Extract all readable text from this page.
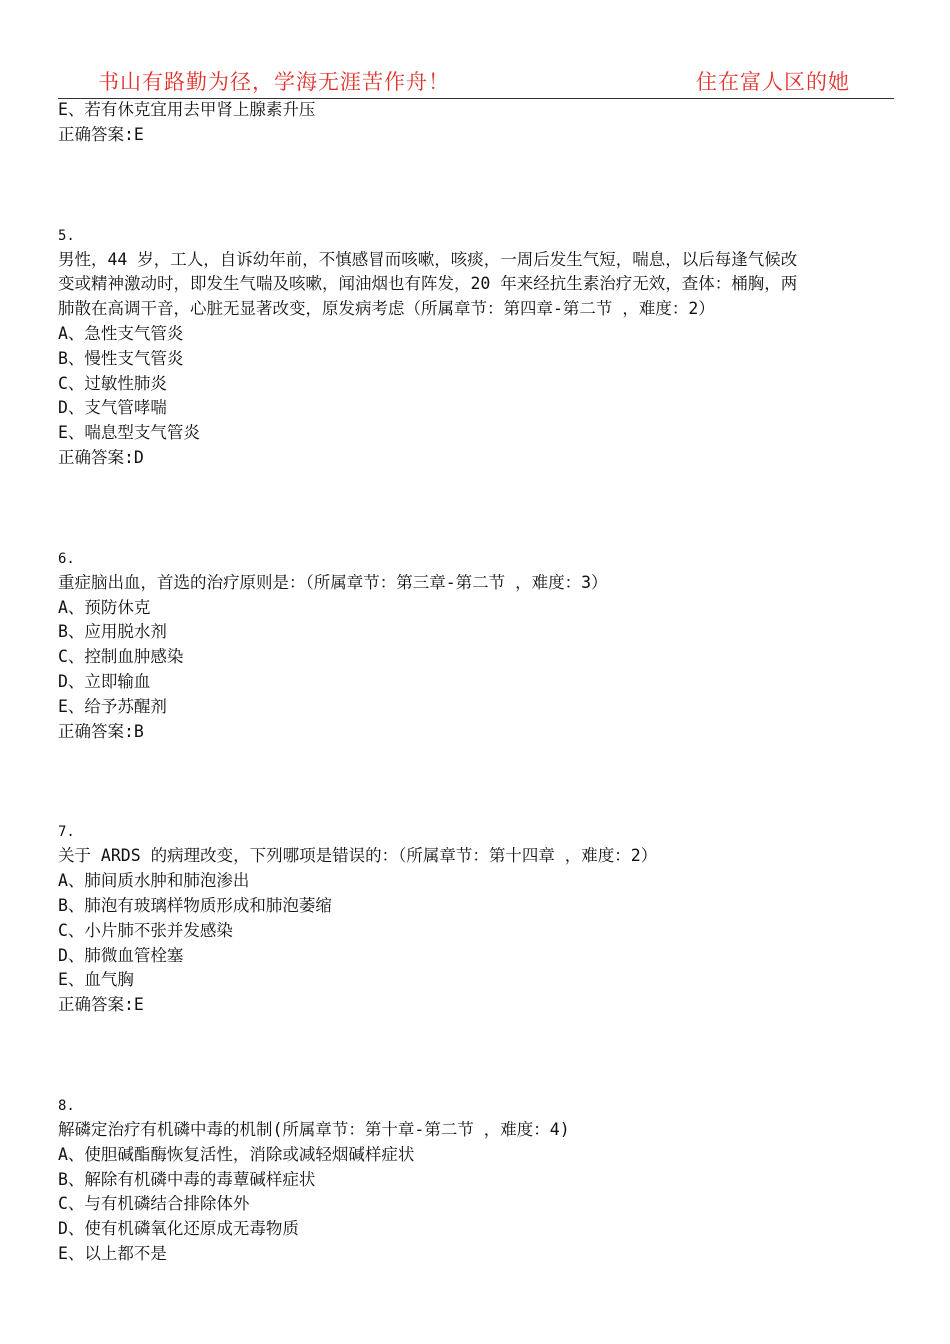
书山有路勤为径，学海无涯苦作舟！	住在富人区的她
E、若有休克宜用去甲肾上腺素升压
正确答案:E
5.
男性，44 岁，工人，自诉幼年前，不慎感冒而咳嗽，咳痰，一周后发生气短，喘息，以后每逢气候改
变或精神激动时，即发生气喘及咳嗽，闻油烟也有阵发，20 年来经抗生素治疗无效，查体：桶胸，两
肺散在高调干音，心脏无显著改变，原发病考虑（所属章节：第四章-第二节 ，难度：2）
A、急性支气管炎
B、慢性支气管炎
C、过敏性肺炎
D、支气管哮喘
E、喘息型支气管炎
正确答案:D
6.
重症脑出血，首选的治疗原则是：（所属章节：第三章-第二节 ，难度：3）
A、预防休克
B、应用脱水剂
C、控制血肿感染
D、立即输血
E、给予苏醒剂
正确答案:B
7.
关于 ARDS 的病理改变，下列哪项是错误的：（所属章节：第十四章 ，难度：2）
A、肺间质水肿和肺泡渗出
B、肺泡有玻璃样物质形成和肺泡萎缩
C、小片肺不张并发感染
D、肺微血管栓塞
E、血气胸
正确答案:E
8.
解磷定治疗有机磷中毒的机制(所属章节：第十章-第二节 ，难度：4)
A、使胆碱酯酶恢复活性，消除或减轻烟碱样症状
B、解除有机磷中毒的毒蕈碱样症状
C、与有机磷结合排除体外
D、使有机磷氧化还原成无毒物质
E、以上都不是
